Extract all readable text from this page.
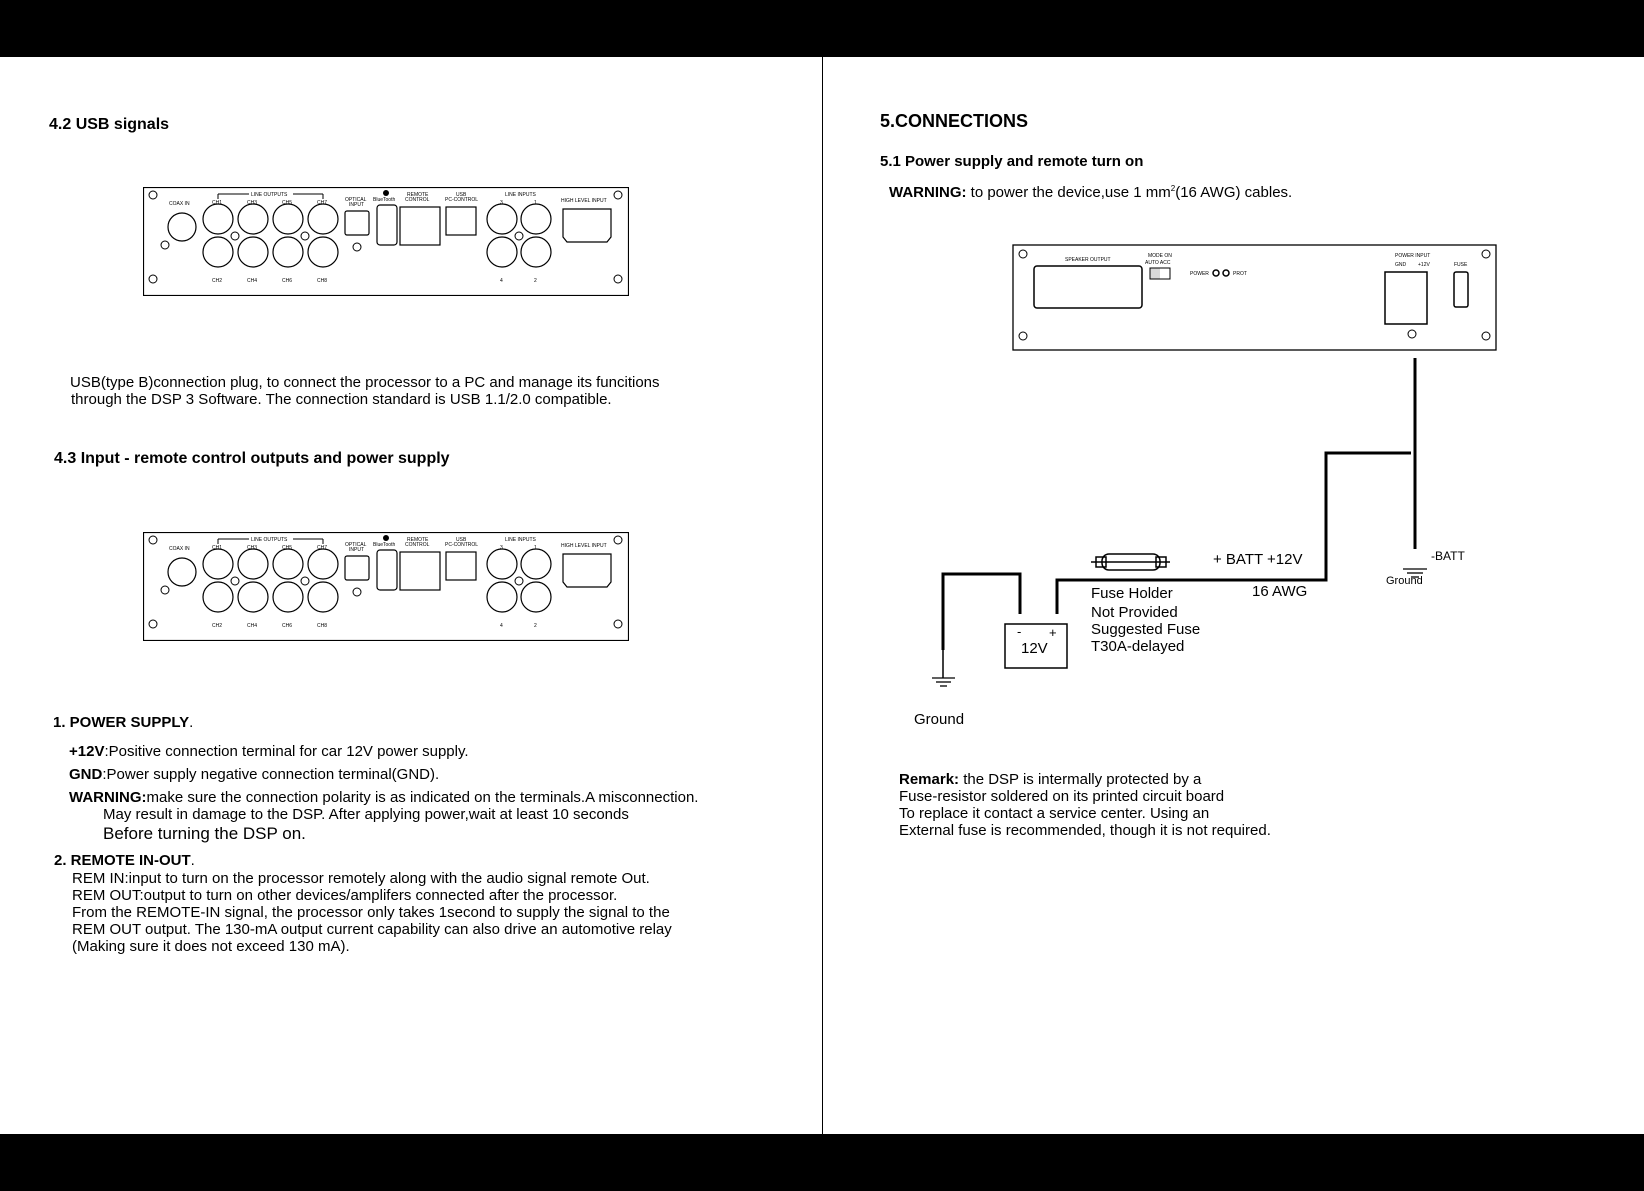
4.2 USB signals
COAX IN
LINE OUTPUTS
CH1
CH2
CH3
CH4
CH5
CH6
CH7
CH8
OPTICAL
INPUT
BlueTooth
REMOTE
CONTROL
USB
PC-CONTROL
LINE INPUTS
3
4
1
2
HIGH LEVEL INPUT
USB(type B)connection plug, to connect the processor to a PC and manage its funcitions
through the DSP 3 Software. The connection standard is USB 1.1/2.0 compatible.
4.3 Input - remote control outputs and power supply
COAX IN
LINE OUTPUTS
CH1
CH2
CH3
CH4
CH5
CH6
CH7
CH8
OPTICAL
INPUT
BlueTooth
REMOTE
CONTROL
USB
PC-CONTROL
LINE INPUTS
3
4
1
2
HIGH LEVEL INPUT
1. POWER SUPPLY.
+12V:Positive connection terminal for car 12V power supply.
GND:Power supply negative connection terminal(GND).
WARNING:make sure the connection polarity is as indicated on the terminals.A misconnection.
May result in damage to the DSP. After applying power,wait at least 10 seconds
Before turning the DSP on.
2. REMOTE IN-OUT.
REM IN:input to turn on the processor remotely along with the audio signal remote Out.
REM OUT:output to turn on other devices/amplifers connected after the processor.
From the REMOTE-IN signal, the processor only takes 1second to supply the signal to the
REM OUT output. The 130-mA output current capability can also drive an automotive relay
(Making sure it does not exceed 130 mA).
5.CONNECTIONS
5.1 Power supply and remote turn on
WARNING: to power the device,use 1 $mm^2(16$ AWG) cables.
SPEAKER OUTPUT
MODE ON
AUTO ACC
POWER	PROT
POWER INPUT
GND +12V	FUSE
- +
12V
+ BATT +12V
16 AWG
-BATT
Ground
Fuse Holder
Not Provided
Suggested Fuse
T30A-delayed
Ground
Remark: the DSP is intermally protected by a
Fuse-resistor soldered on its printed circuit board
To replace it contact a service center. Using an
External fuse is recommended, though it is not required.
